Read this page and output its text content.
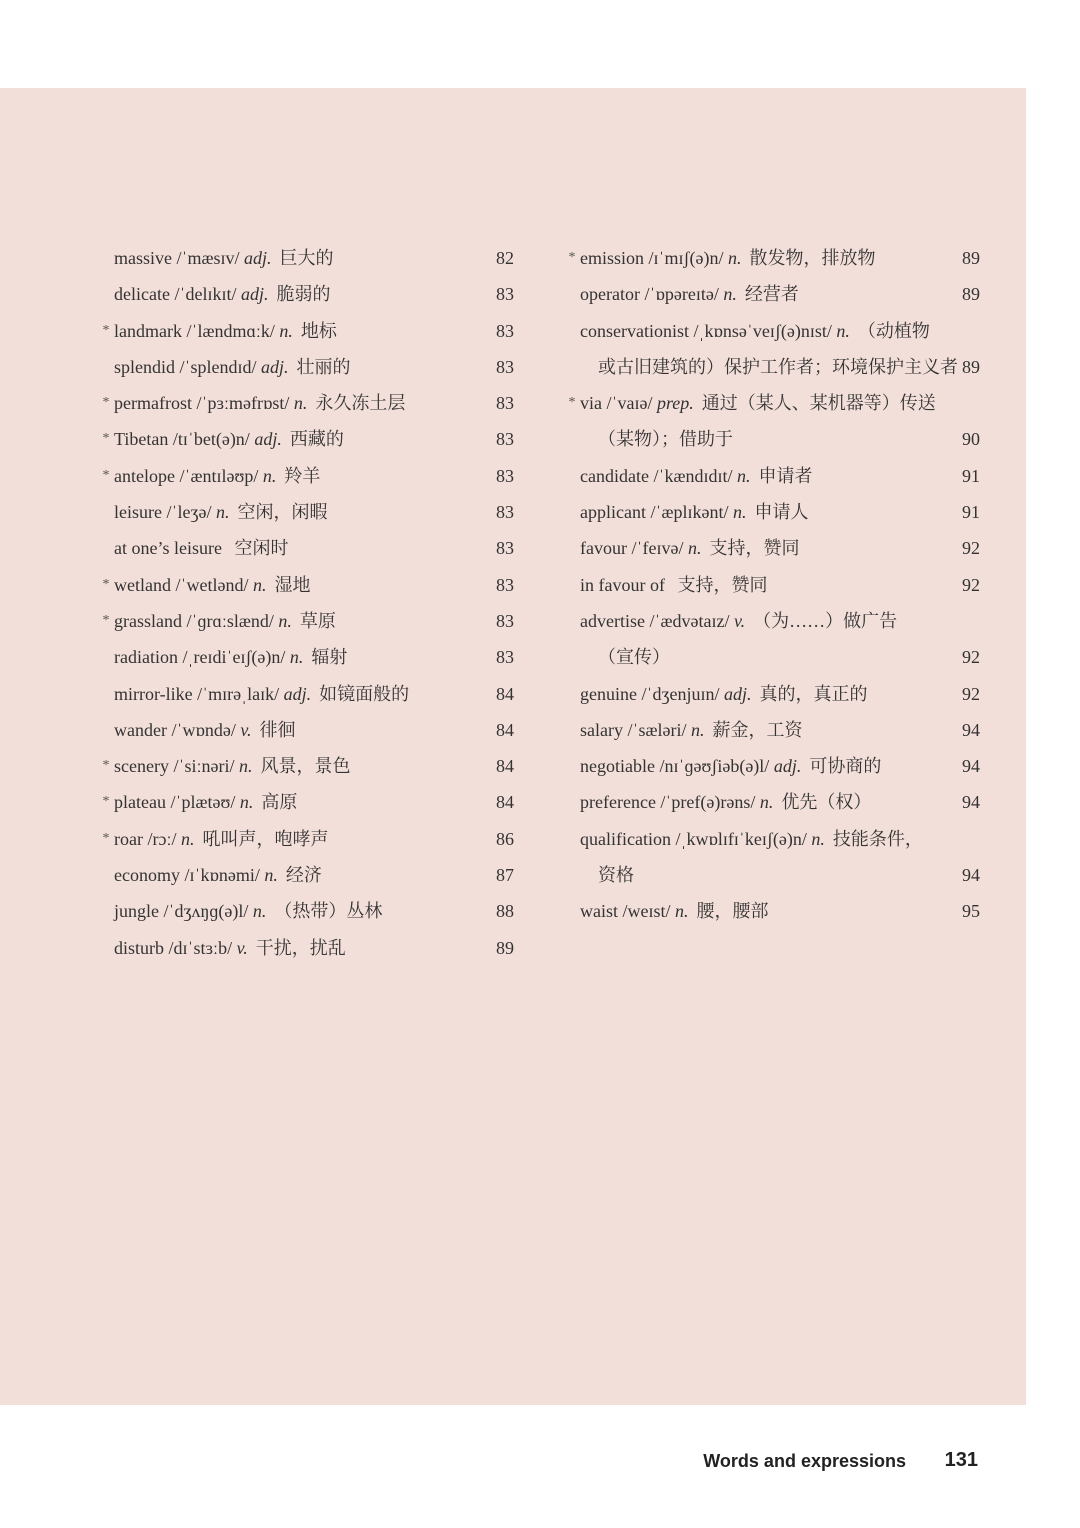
massive /ˈmæsɪv/ adj. 巨大的	82
delicate /ˈdelɪkɪt/ adj. 脆弱的	83
* landmark /ˈlændmɑːk/ n. 地标	83
splendid /ˈsplendɪd/ adj. 壮丽的	83
* permafrost /ˈpɜːməfrɒst/ n. 永久冻土层	83
* Tibetan /tɪˈbet(ə)n/ adj. 西藏的	83
* antelope /ˈæntɪləʊp/ n. 羚羊	83
leisure /ˈleʒə/ n. 空闲，闲暇	83
at one’s leisure 空闲时	83
* wetland /ˈwetlənd/ n. 湿地	83
* grassland /ˈɡrɑːslænd/ n. 草原	83
radiation /ˌreɪdiˈeɪʃ(ə)n/ n. 辐射	83
mirror-like /ˈmɪrəˌlaɪk/ adj. 如镜面般的	84
wander /ˈwɒndə/ v. 徘徊	84
* scenery /ˈsiːnəri/ n. 风景，景色	84
* plateau /ˈplætəʊ/ n. 高原	84
* roar /rɔː/ n. 吼叫声，咆哮声	86
economy /ɪˈkɒnəmi/ n. 经济	87
jungle /ˈdʒʌŋɡ(ə)l/ n. （热带）丛林	88
disturb /dɪˈstɜːb/ v. 干扰，扰乱	89
* emission /ɪˈmɪʃ(ə)n/ n. 散发物，排放物	89
operator /ˈɒpəreɪtə/ n. 经营者	89
conservationist /ˌkɒnsəˈveɪʃ(ə)nɪst/ n. （动植物
或古旧建筑的）保护工作者；环境保护主义者 89
* via /ˈvaɪə/ prep. 通过（某人、某机器等）传送
（某物）；借助于	90
candidate /ˈkændɪdɪt/ n. 申请者	91
applicant /ˈæplɪkənt/ n. 申请人	91
favour /ˈfeɪvə/ n. 支持，赞同	92
in favour of 支持，赞同	92
advertise /ˈædvətaɪz/ v. （为……）做广告
（宣传）	92
genuine /ˈdʒenjuɪn/ adj. 真的，真正的	92
salary /ˈsæləri/ n. 薪金，工资	94
negotiable /nɪˈɡəʊʃiəb(ə)l/ adj. 可协商的	94
preference /ˈpref(ə)rəns/ n. 优先（权）	94
qualification /ˌkwɒlɪfɪˈkeɪʃ(ə)n/ n. 技能条件，
资格	94
waist /weɪst/ n. 腰，腰部	95
Words and expressions 131
